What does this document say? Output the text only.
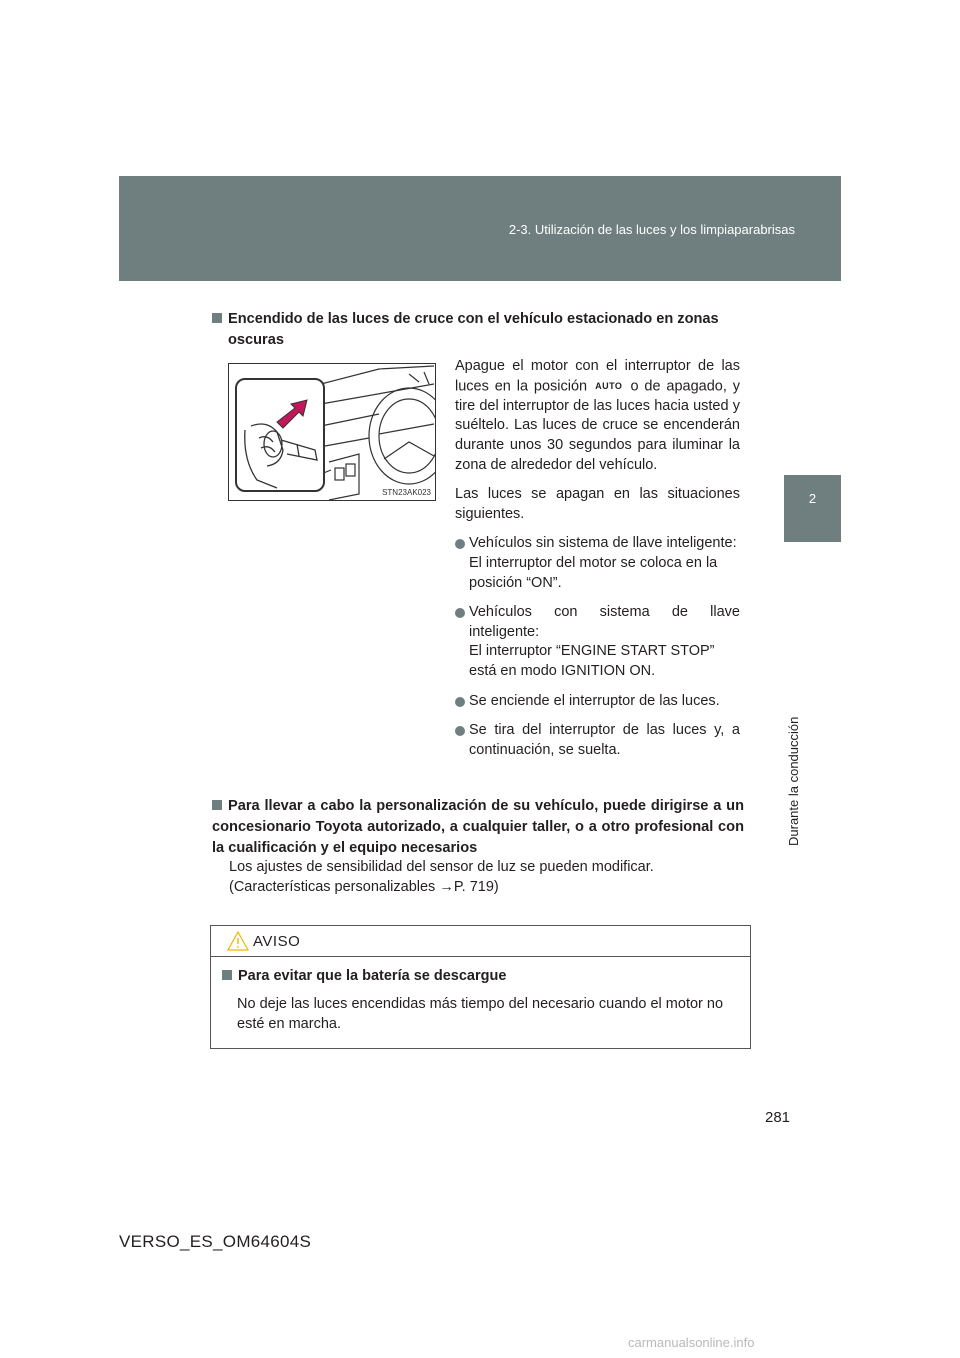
2-3. Utilización de las luces y los limpiaparabrisas
2
Durante la conducción
Encendido de las luces de cruce con el vehículo estacionado en zonas
oscuras
STN23AK023

Apague el motor con el interruptor de las luces en la posición AUTO o de apagado, y tire del interruptor de las luces hacia usted y suéltelo. Las luces de cruce se encenderán durante unos 30 segundos para iluminar la zona de alrededor del vehículo.

Las luces se apagan en las situaciones siguientes.

Vehículos sin sistema de llave inteligente:
El interruptor del motor se coloca en la posición “ON”.
Vehículos con sistema de llave inteligente:
El interruptor “ENGINE START STOP” está en modo IGNITION ON.
Se enciende el interruptor de las luces.
Se tira del interruptor de las luces y, a continuación, se suelta.
Para llevar a cabo la personalización de su vehículo, puede dirigirse a un concesionario Toyota autorizado, a cualquier taller, o a otro profesional con la cualificación y el equipo necesarios
Los ajustes de sensibilidad del sensor de luz se pueden modificar.
(Características personalizables →P. 719)
AVISO
Para evitar que la batería se descargue
No deje las luces encendidas más tiempo del necesario cuando el motor no esté en marcha.
281
VERSO_ES_OM64604S
carmanualsonline.info
